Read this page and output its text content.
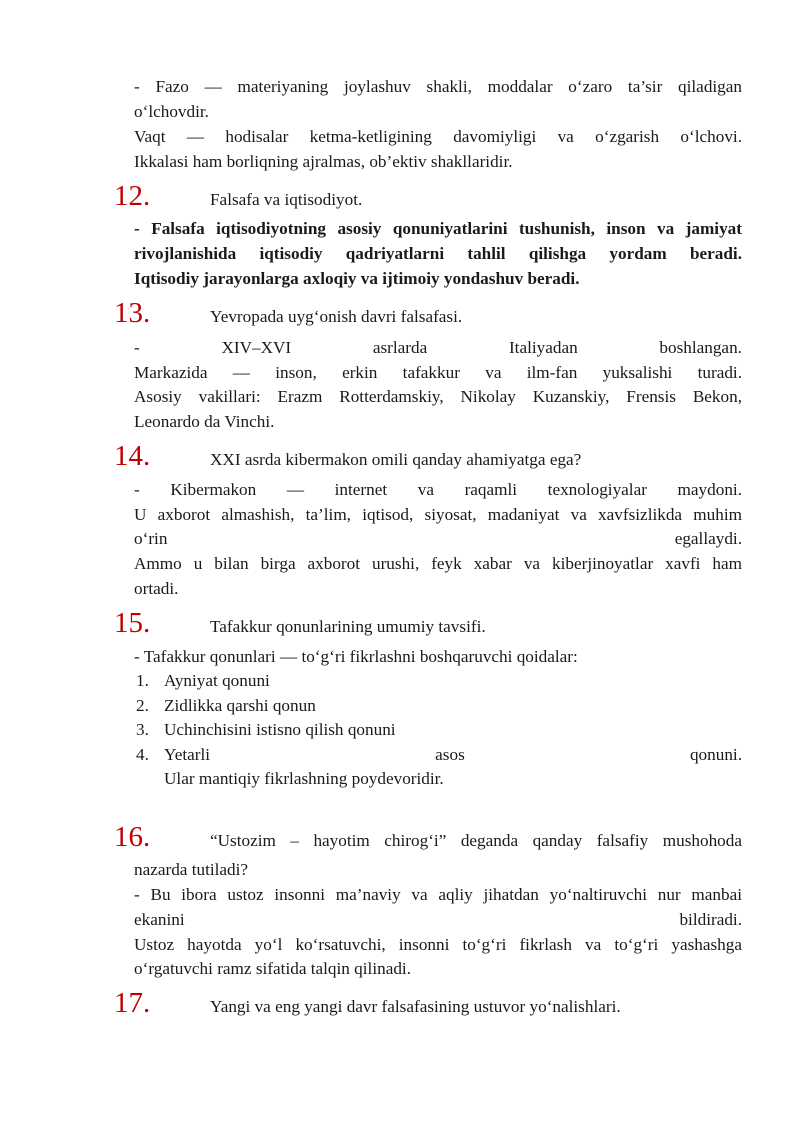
- Fazo — materiyaning joylashuv shakli, moddalar o‘zaro ta’sir qiladigan

o‘lchovdir.

Vaqt — hodisalar ketma-ketligining davomiyligi va o‘zgarish o‘lchovi.

Ikkalasi ham borliqning ajralmas, ob’ektiv shakllaridir.

12.	Falsafa va iqtisodiyot.

- Falsafa iqtisodiyotning asosiy qonuniyatlarini tushunish, inson va jamiyat

rivojlanishida iqtisodiy qadriyatlarni tahlil qilishga yordam beradi.

Iqtisodiy jarayonlarga axloqiy va ijtimoiy yondashuv beradi.

13.	Yevropada uyg‘onish davri falsafasi.

-	XIV–XVI	asrlarda	Italiyadan	boshlangan.

Markazida — inson, erkin tafakkur va ilm-fan yuksalishi turadi.

Asosiy vakillari: Erazm Rotterdamskiy, Nikolay Kuzanskiy, Frensis Bekon,

Leonardo da Vinchi.

14.	XXI asrda kibermakon omili qanday ahamiyatga ega?

- Kibermakon — internet va raqamli texnologiyalar maydoni.

U axborot almashish, ta’lim, iqtisod, siyosat, madaniyat va xavfsizlikda muhim

o‘rin	egallaydi.

Ammo u bilan birga axborot urushi, feyk xabar va kiberjinoyatlar xavfi ham

ortadi.

15.	Tafakkur qonunlarining umumiy tavsifi.

- Tafakkur qonunlari — to‘g‘ri fikrlashni boshqaruvchi qoidalar:

1. Ayniyat qonuni
2. Zidlikka qarshi qonun
3. Uchinchisini istisno qilish qonuni
4. Yetarli	asos	qonuni.
Ular mantiqiy fikrlashning poydevoridir.
16.	“Ustozim – hayotim chirog‘i” deganda qanday falsafiy mushohoda

nazarda tutiladi?

- Bu ibora ustoz insonni ma’naviy va aqliy jihatdan yo‘naltiruvchi nur manbai

ekanini	bildiradi.

Ustoz hayotda yo‘l ko‘rsatuvchi, insonni to‘g‘ri fikrlash va to‘g‘ri yashashga

o‘rgatuvchi ramz sifatida talqin qilinadi.

17.	Yangi va eng yangi davr falsafasining ustuvor yo‘nalishlari.
